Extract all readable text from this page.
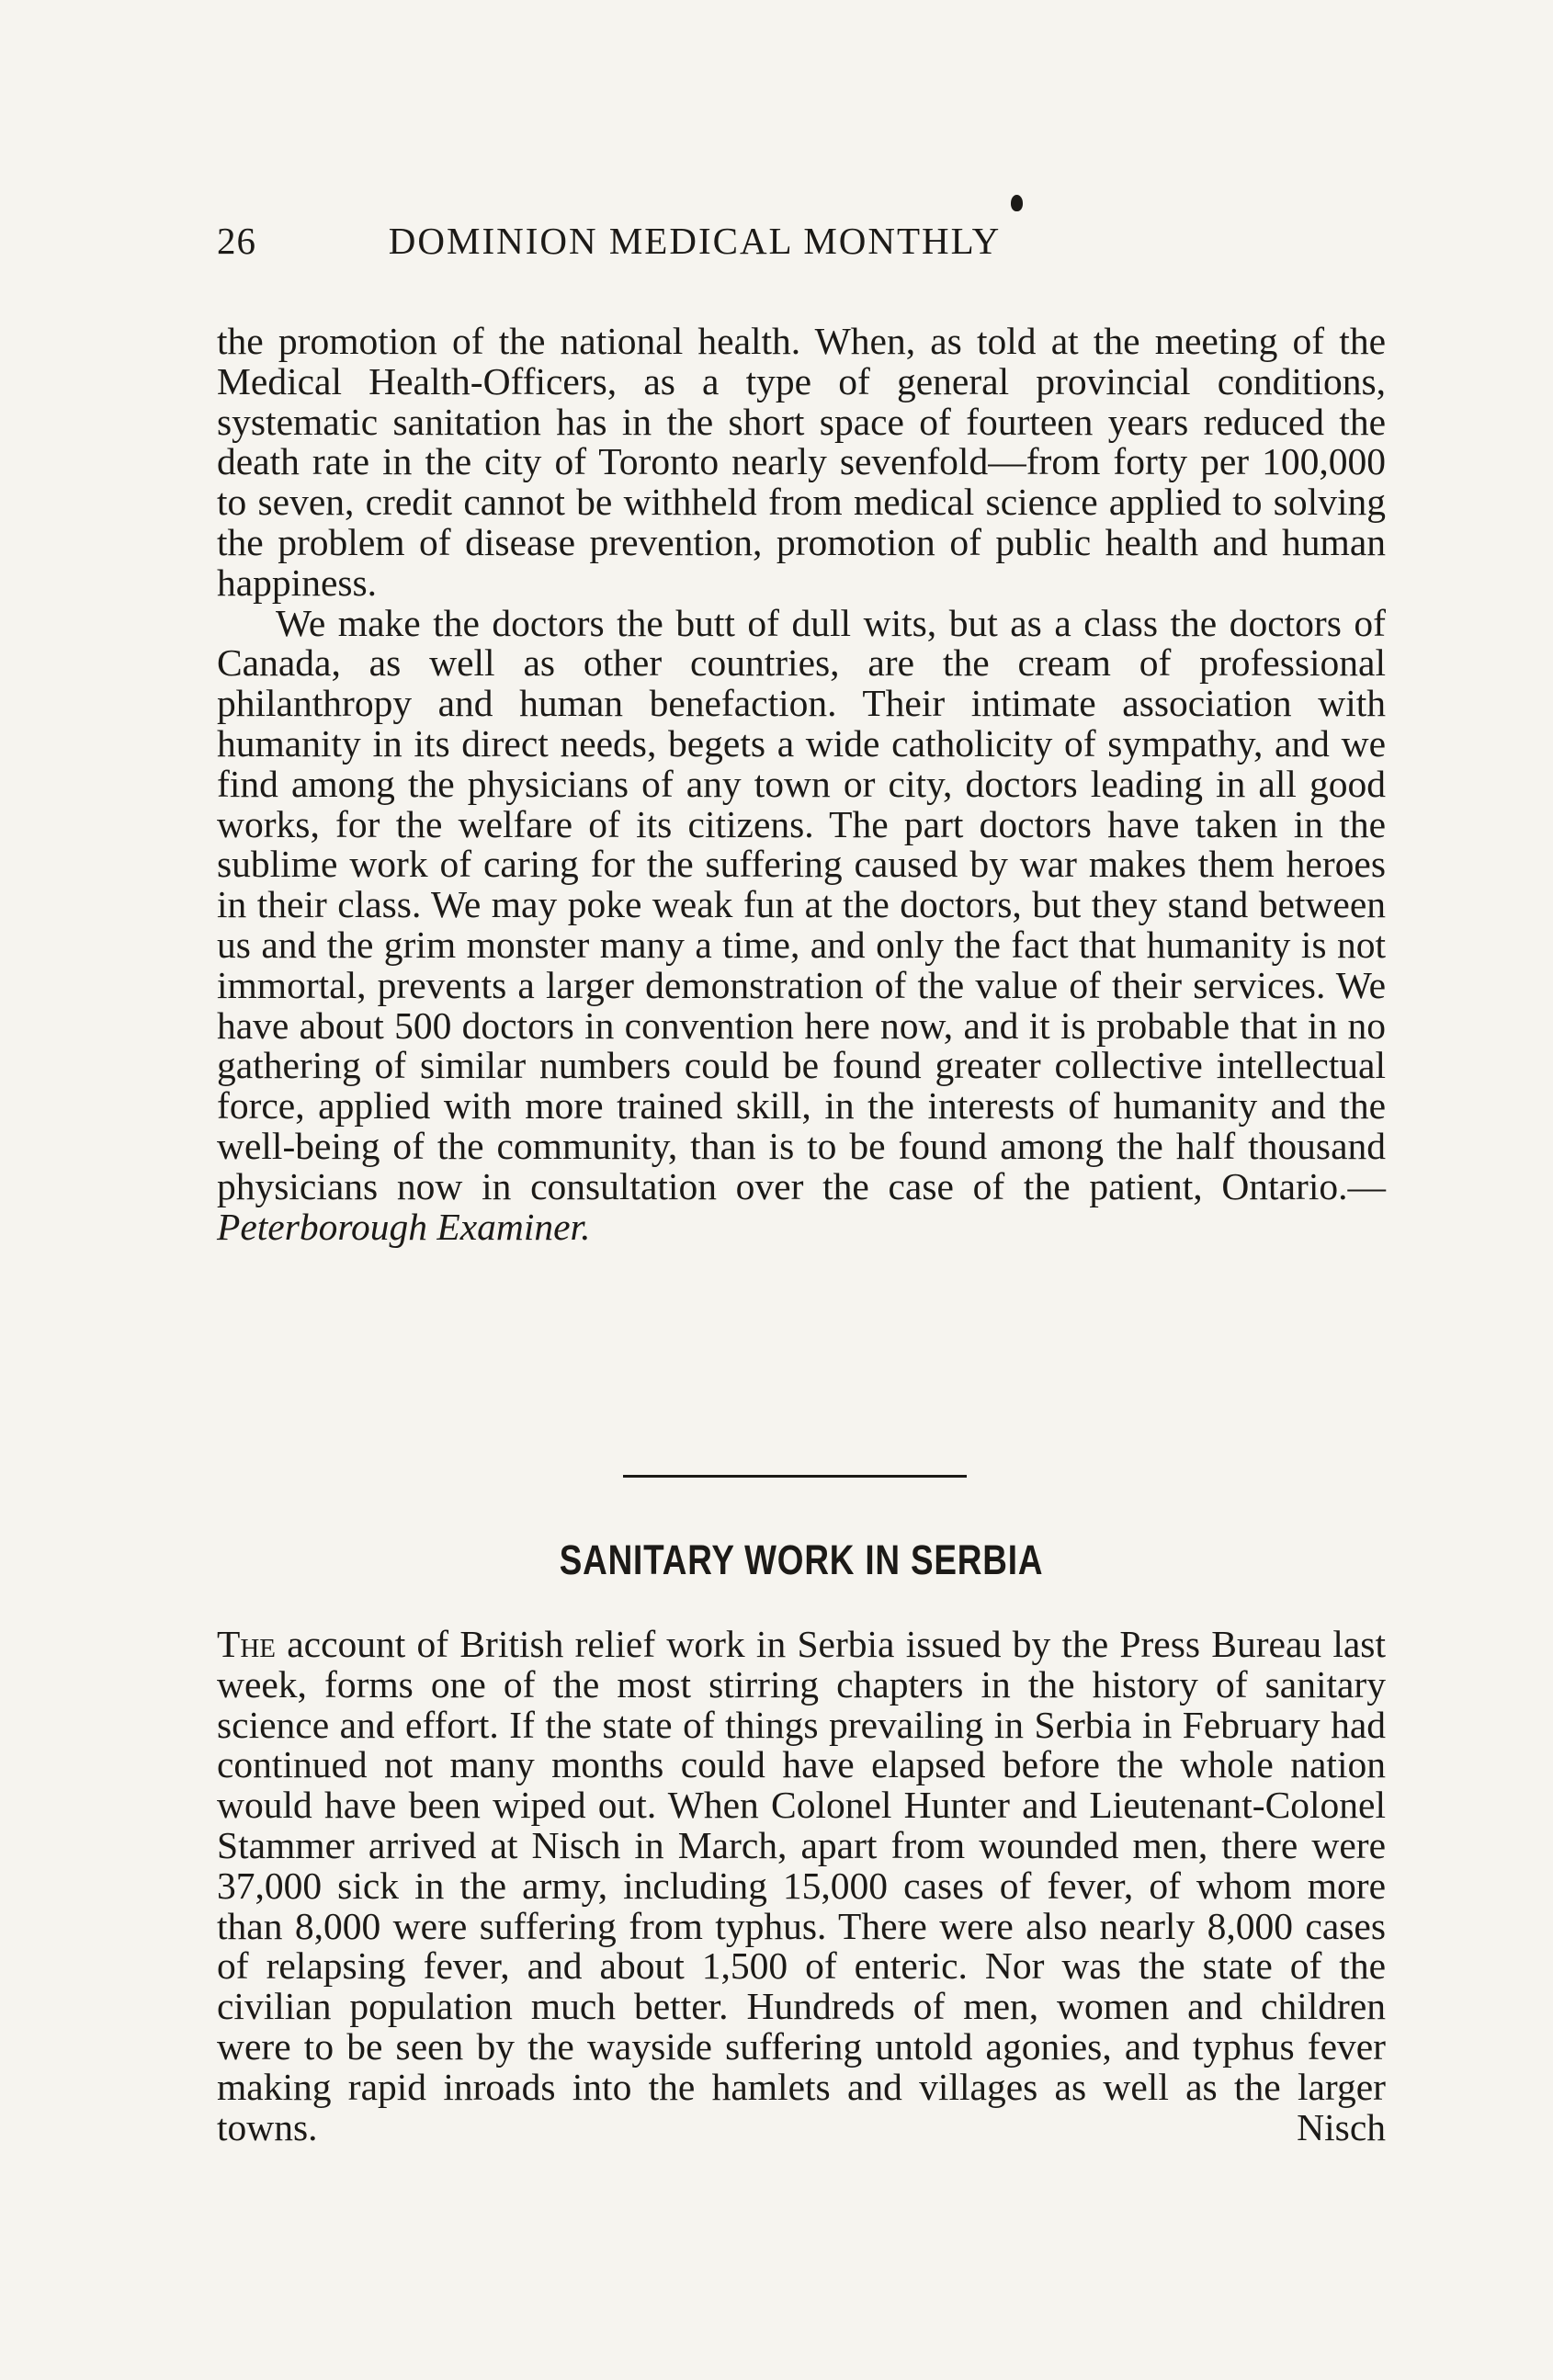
26	DOMINION MEDICAL MONTHLY

the promotion of the national health. When, as told at the meeting of the Medical Health-Officers, as a type of general provincial conditions, systematic sanitation has in the short space of fourteen years reduced the death rate in the city of Toronto nearly sevenfold—from forty per 100,000 to seven, credit cannot be withheld from medical science applied to solving the problem of disease prevention, promotion of public health and human happiness.

We make the doctors the butt of dull wits, but as a class the doctors of Canada, as well as other countries, are the cream of professional philanthropy and human benefaction. Their intimate association with humanity in its direct needs, begets a wide catholicity of sympathy, and we find among the physicians of any town or city, doctors leading in all good works, for the welfare of its citizens. The part doctors have taken in the sublime work of caring for the suffering caused by war makes them heroes in their class. We may poke weak fun at the doctors, but they stand between us and the grim monster many a time, and only the fact that humanity is not immortal, prevents a larger demonstration of the value of their services. We have about 500 doctors in convention here now, and it is probable that in no gathering of similar numbers could be found greater collective intellectual force, applied with more trained skill, in the interests of humanity and the well-being of the community, than is to be found among the half thousand physicians now in consultation over the case of the patient, Ontario.—Peterborough Examiner.

SANITARY WORK IN SERBIA

The account of British relief work in Serbia issued by the Press Bureau last week, forms one of the most stirring chapters in the history of sanitary science and effort. If the state of things prevailing in Serbia in February had continued not many months could have elapsed before the whole nation would have been wiped out. When Colonel Hunter and Lieutenant-Colonel Stammer arrived at Nisch in March, apart from wounded men, there were 37,000 sick in the army, including 15,000 cases of fever, of whom more than 8,000 were suffering from typhus. There were also nearly 8,000 cases of relapsing fever, and about 1,500 of enteric. Nor was the state of the civilian population much better. Hundreds of men, women and children were to be seen by the wayside suffering untold agonies, and typhus fever making rapid inroads into the hamlets and villages as well as the larger towns. Nisch
